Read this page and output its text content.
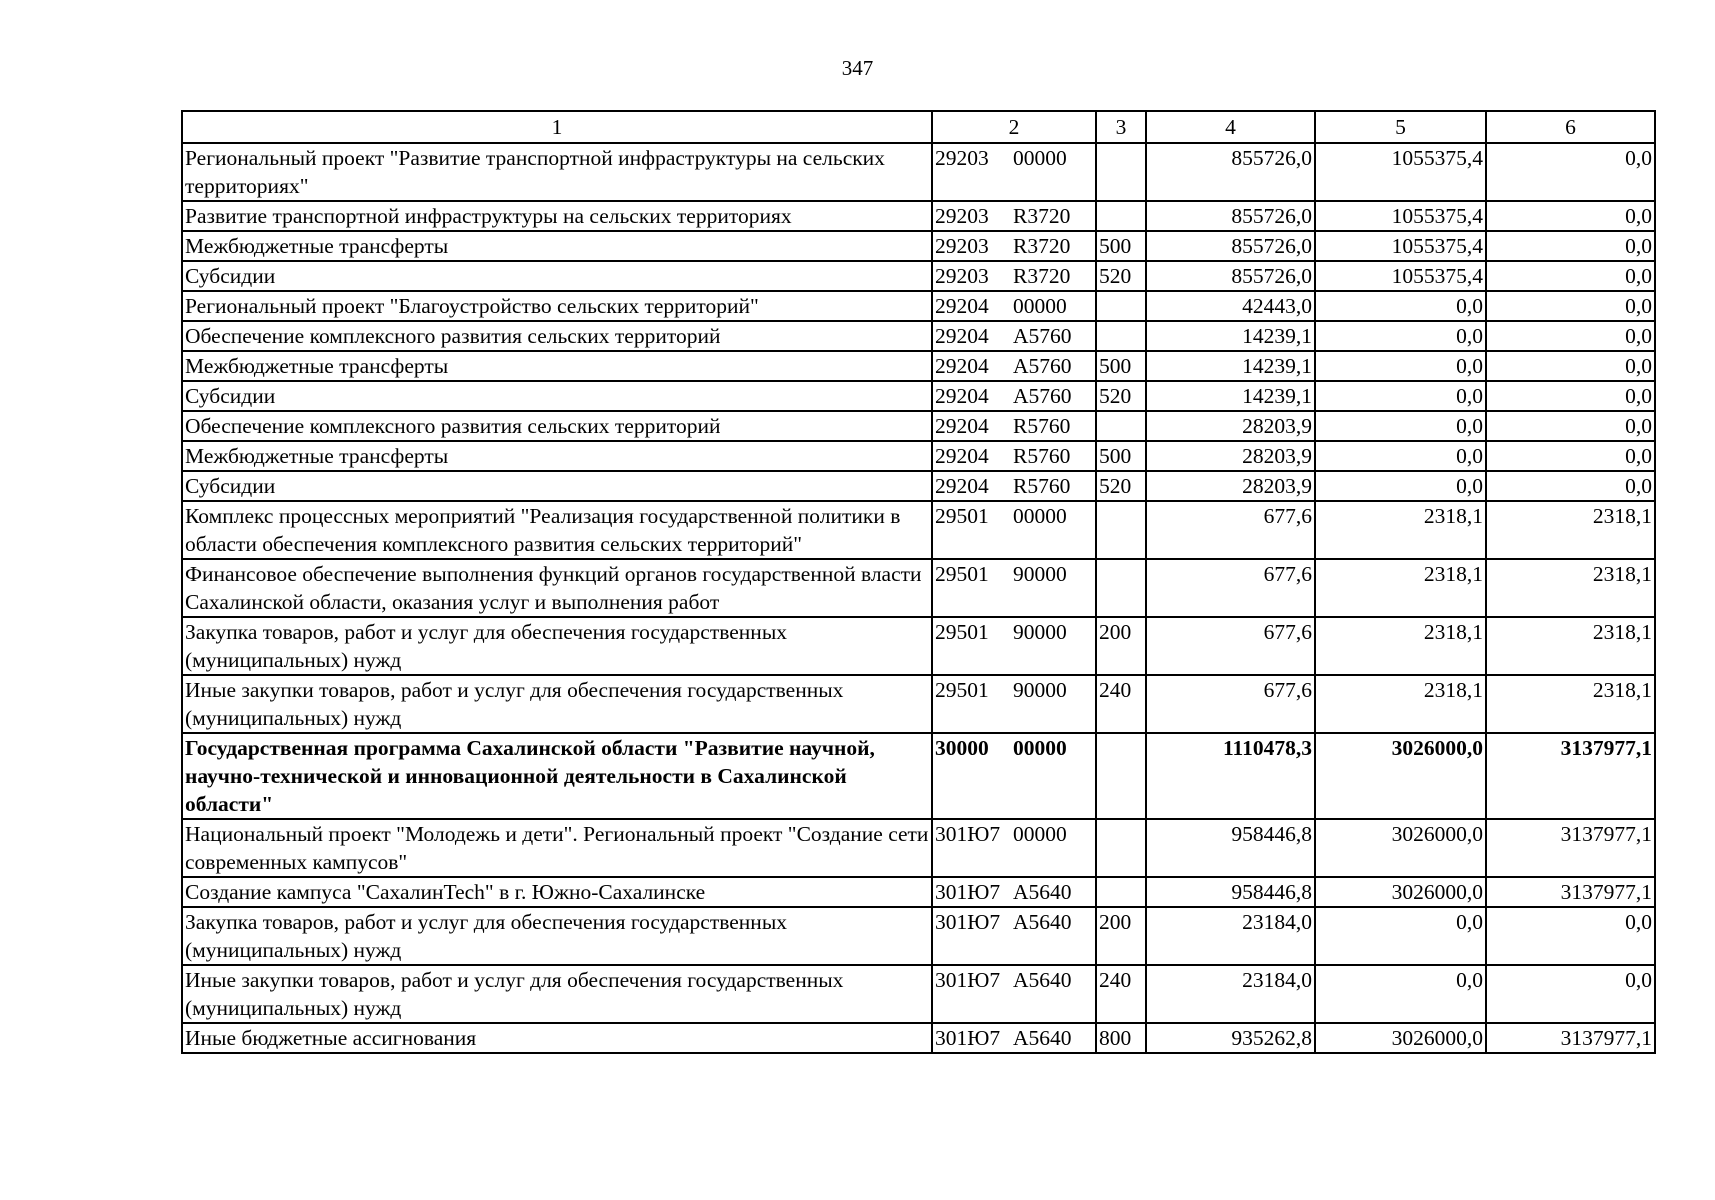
347
1	2	3	4	5	6
Региональный проект "Развитие транспортной инфраструктуры на сельских территориях"	29203 00000		855726,0	1055375,4	0,0
Развитие транспортной инфраструктуры на сельских территориях	29203 R3720		855726,0	1055375,4	0,0
Межбюджетные трансферты	29203 R3720	500	855726,0	1055375,4	0,0
Субсидии	29203 R3720	520	855726,0	1055375,4	0,0
Региональный проект "Благоустройство сельских территорий"	29204 00000		42443,0	0,0	0,0
Обеспечение комплексного развития сельских территорий	29204 А5760		14239,1	0,0	0,0
Межбюджетные трансферты	29204 А5760	500	14239,1	0,0	0,0
Субсидии	29204 А5760	520	14239,1	0,0	0,0
Обеспечение комплексного развития сельских территорий	29204 R5760		28203,9	0,0	0,0
Межбюджетные трансферты	29204 R5760	500	28203,9	0,0	0,0
Субсидии	29204 R5760	520	28203,9	0,0	0,0
Комплекс процессных мероприятий "Реализация государственной политики в области обеспечения комплексного развития сельских территорий"	29501 00000		677,6	2318,1	2318,1
Финансовое обеспечение выполнения функций органов государственной власти Сахалинской области, оказания услуг и выполнения работ	29501 90000		677,6	2318,1	2318,1
Закупка товаров, работ и услуг для обеспечения государственных (муниципальных) нужд	29501 90000	200	677,6	2318,1	2318,1
Иные закупки товаров, работ и услуг для обеспечения государственных (муниципальных) нужд	29501 90000	240	677,6	2318,1	2318,1
Государственная программа Сахалинской области "Развитие научной, научно-технической и инновационной деятельности в Сахалинской области"	30000 00000		1110478,3	3026000,0	3137977,1
Национальный проект "Молодежь и дети". Региональный проект "Создание сети современных кампусов"	301Ю7 00000		958446,8	3026000,0	3137977,1
Создание кампуса "СахалинTech" в г. Южно-Сахалинске	301Ю7 А5640		958446,8	3026000,0	3137977,1
Закупка товаров, работ и услуг для обеспечения государственных (муниципальных) нужд	301Ю7 А5640	200	23184,0	0,0	0,0
Иные закупки товаров, работ и услуг для обеспечения государственных (муниципальных) нужд	301Ю7 А5640	240	23184,0	0,0	0,0
Иные бюджетные ассигнования	301Ю7 А5640	800	935262,8	3026000,0	3137977,1
